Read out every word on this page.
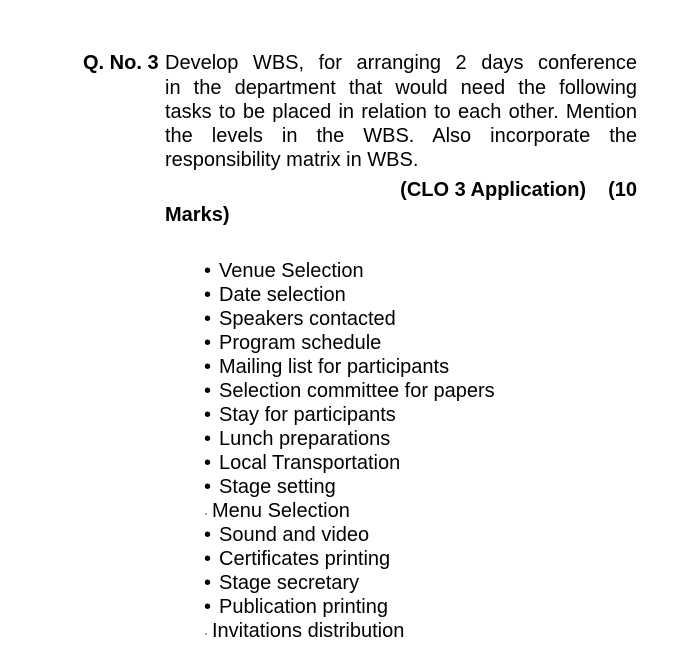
Q. No. 3 Develop WBS, for arranging 2 days conference
in the department that would need the following
tasks to be placed in relation to each other. Mention
the levels in the WBS. Also incorporate the
responsibility matrix in WBS.
(CLO 3 Application) (10
Marks)
• Venue Selection
• Date selection
• Speakers contacted
• Program schedule
• Mailing list for participants
• Selection committee for papers
• Stay for participants
• Lunch preparations
• Local Transportation
• Stage setting
· Menu Selection
• Sound and video
• Certificates printing
• Stage secretary
• Publication printing
· Invitations distribution
